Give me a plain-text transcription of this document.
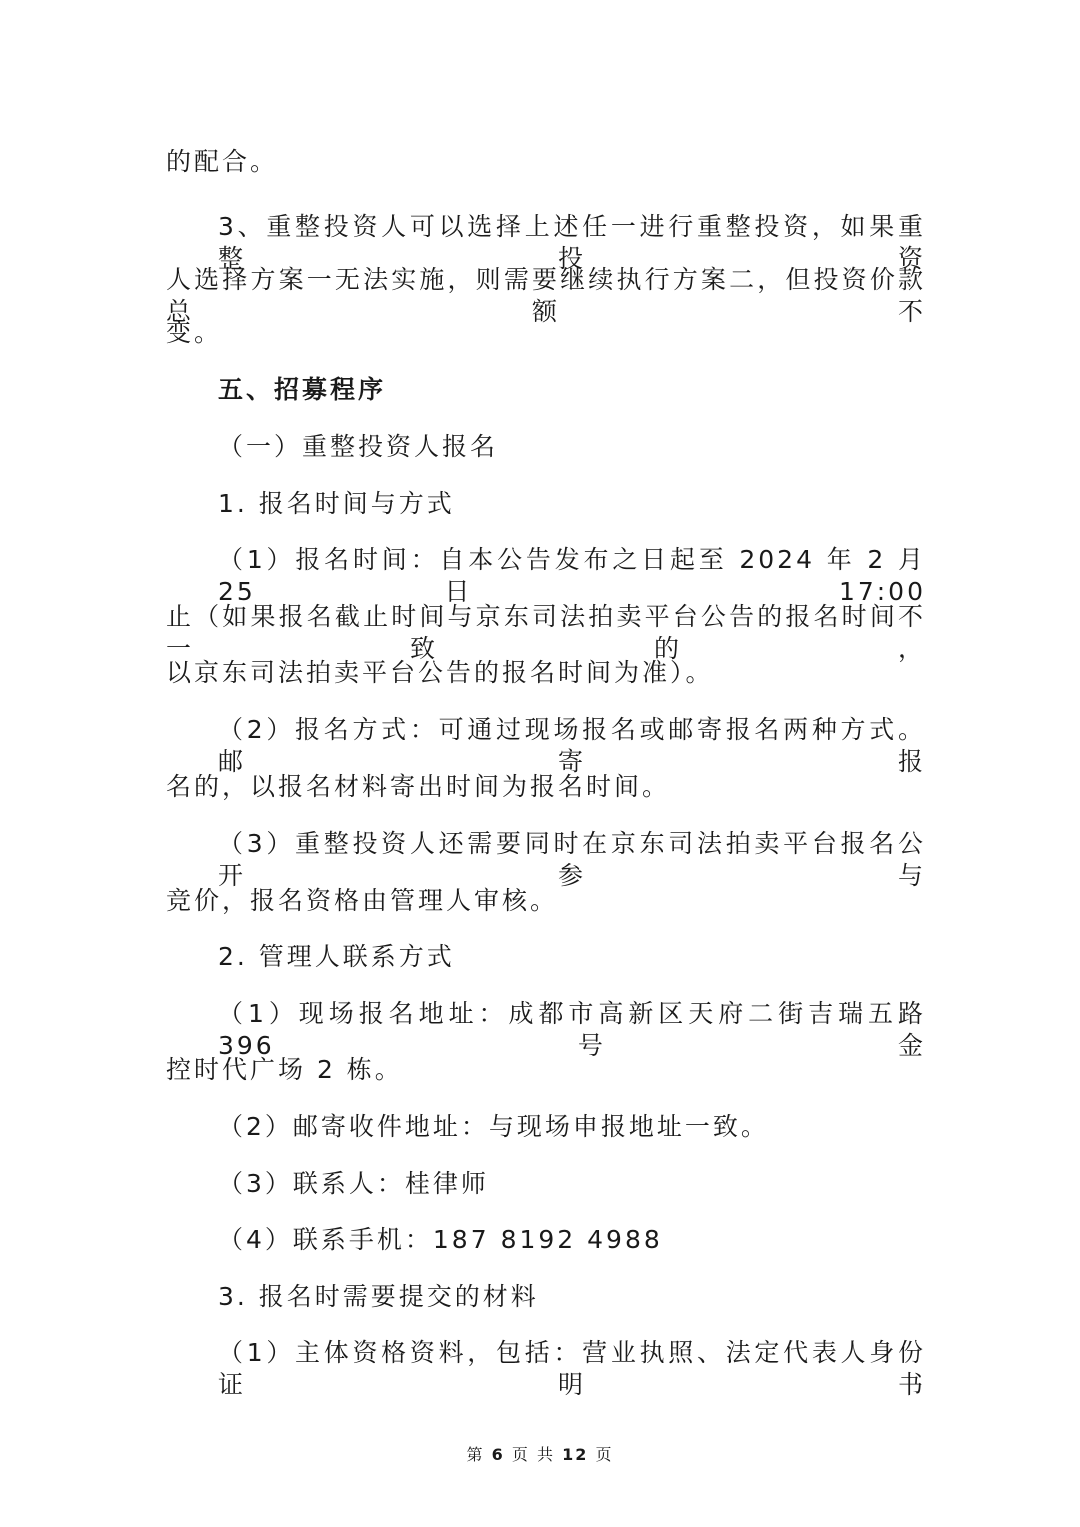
的配合。
3、重整投资人可以选择上述任一进行重整投资，如果重整投资
人选择方案一无法实施，则需要继续执行方案二，但投资价款总额不
变。
五、招募程序
（一）重整投资人报名
1. 报名时间与方式
（1）报名时间：自本公告发布之日起至 2024 年 2 月 25 日 17:00
止（如果报名截止时间与京东司法拍卖平台公告的报名时间不一致的，
以京东司法拍卖平台公告的报名时间为准）。
（2）报名方式：可通过现场报名或邮寄报名两种方式。邮寄报
名的，以报名材料寄出时间为报名时间。
（3）重整投资人还需要同时在京东司法拍卖平台报名公开参与
竞价，报名资格由管理人审核。
2. 管理人联系方式
（1）现场报名地址：成都市高新区天府二街吉瑞五路 396 号金
控时代广场 2 栋。
（2）邮寄收件地址：与现场申报地址一致。
（3）联系人：桂律师
（4）联系手机：187 8192 4988
3. 报名时需要提交的材料
（1）主体资格资料，包括：营业执照、法定代表人身份证明书
第 6 页 共 12 页
